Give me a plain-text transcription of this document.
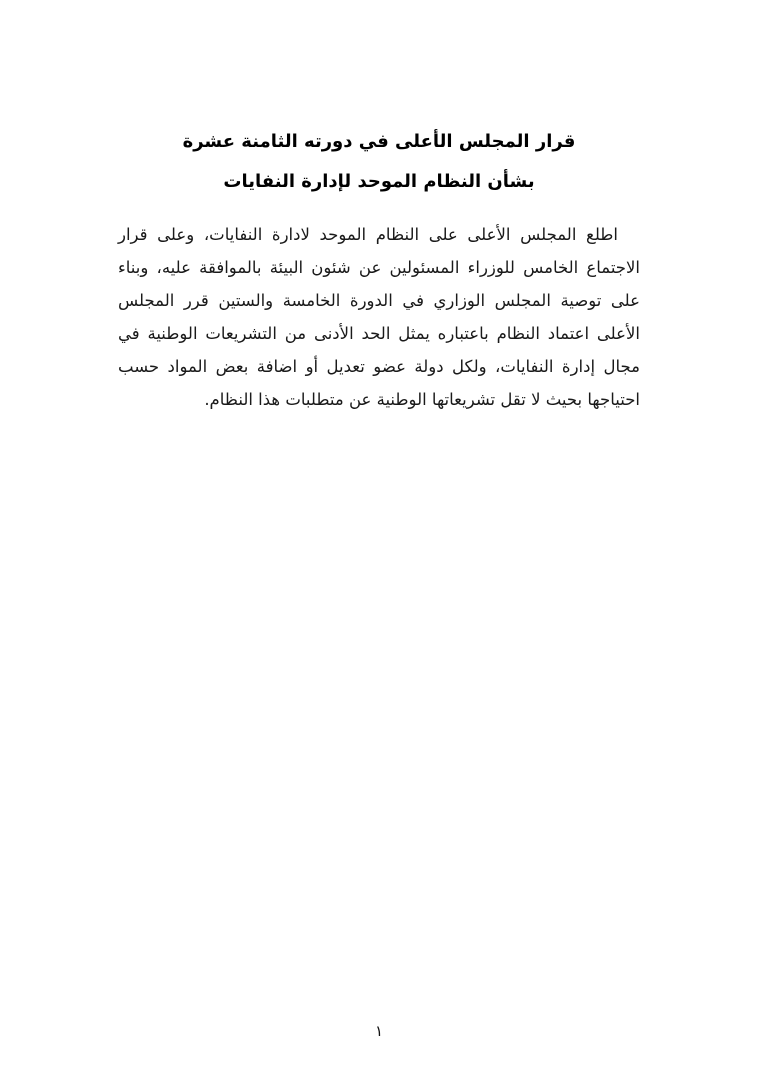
قرار المجلس الأعلى في دورته الثامنة عشرة
بشأن النظام الموحد لإدارة النفايات

اطلع المجلس الأعلى على النظام الموحد لادارة النفايات، وعلى قرار الاجتماع الخامس للوزراء المسئولين عن شئون البيئة بالموافقة عليه، وبناء على توصية المجلس الوزاري في الدورة الخامسة والستين قرر المجلس الأعلى اعتماد النظام باعتباره يمثل الحد الأدنى من التشريعات الوطنية في مجال إدارة النفايات، ولكل دولة عضو تعديل أو اضافة بعض المواد حسب احتياجها بحيث لا تقل تشريعاتها الوطنية عن متطلبات هذا النظام.

١
